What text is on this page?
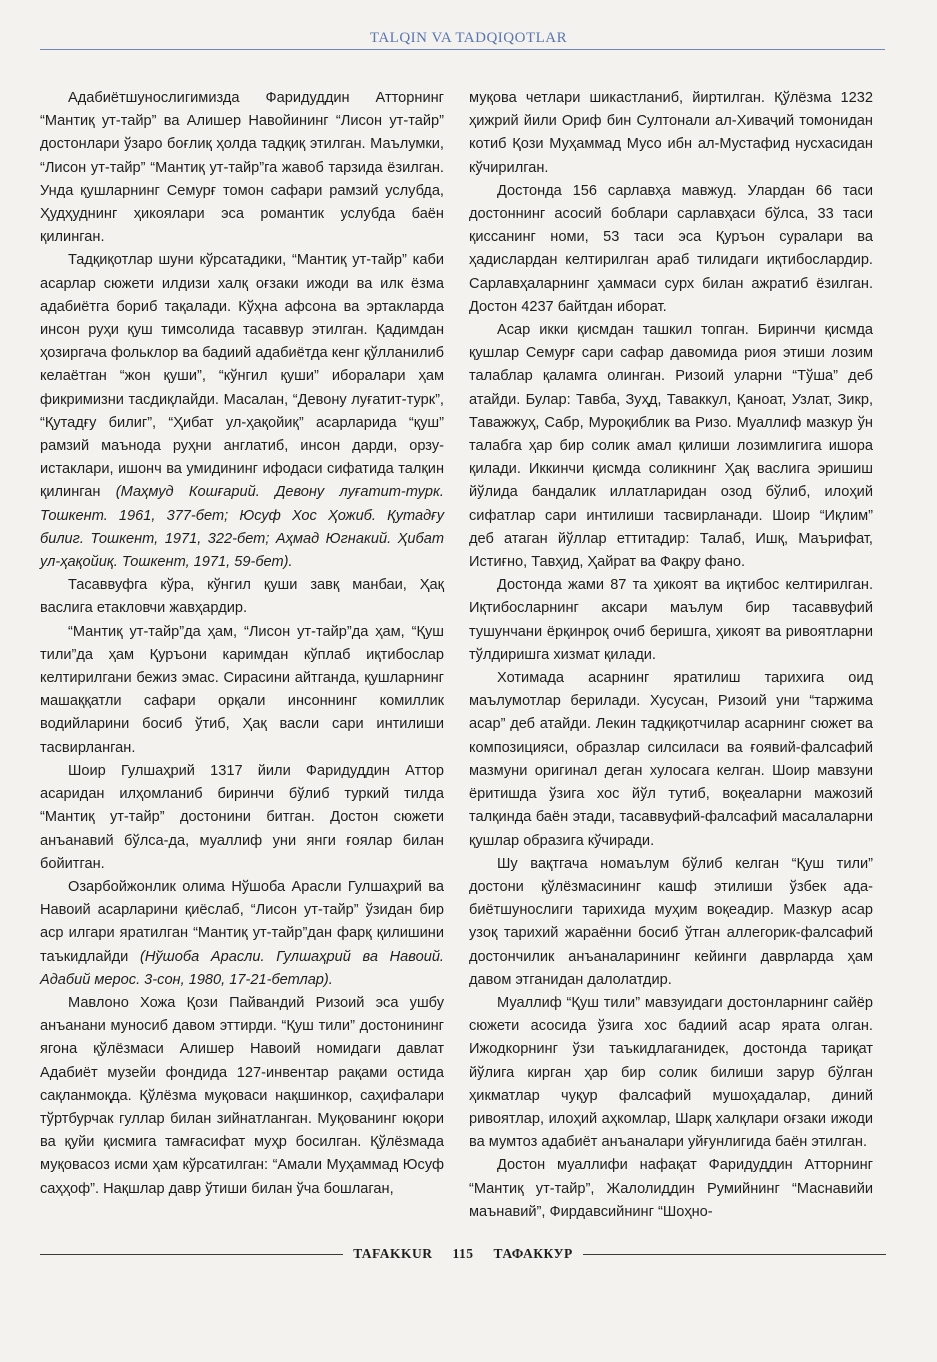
TALQIN VA TADQIQOTLAR

Адабиётшунослигимизда Фаридуддин Атторнинг “Мантиқ ут-тайр” ва Алишер Навойининг “Лисон ут-тайр” достонлари ўзаро боғлиқ ҳолда тадқиқ этилган. Маълумки, “Лисон ут-тайр” “Мантиқ ут-тайр”га жавоб тарзида ёзилган. Унда қушларнинг Семурғ томон сафари рамзий услубда, Ҳудҳуднинг ҳикоялари эса романтик услубда баён қилинган.

Тадқиқотлар шуни кўрсатадики, “Мантиқ ут-тайр” каби асарлар сюжети илдизи халқ оғзаки ижоди ва илк ёзма адабиётга бориб тақалади. Кўҳна афсона ва эртакларда инсон руҳи қуш тимсолида тасаввур этилган. Қадимдан ҳозиргача фольклор ва бадиий адабиётда кенг қўлланилиб келаётган “жон қуши”, “кўнгил қуши” иборалари ҳам фикримизни тасдиқлайди. Масалан, “Девону луғатит-турк”, “Қутадғу билиг”, “Ҳибат ул-ҳақойиқ” асарларида “қуш” рамзий маънода руҳни англатиб, инсон дарди, орзу-истаклари, ишонч ва умидининг ифодаси сифатида талқин қилинган (Маҳмуд Кошғарий. Девону луғатит-турк. Тошкент. 1961, 377-бет; Юсуф Хос Ҳожиб. Қутадғу билиг. Тошкент, 1971, 322-бет; Аҳмад Югнакий. Ҳибат ул-ҳақойиқ. Тошкент, 1971, 59-бет).

Тасаввуфга кўра, кўнгил қуши завқ манбаи, Ҳақ васлига етакловчи жавҳардир.

“Мантиқ ут-тайр”да ҳам, “Лисон ут-тайр”да ҳам, “Қуш тили”да ҳам Қуръони каримдан кўплаб иқтибослар келтирилгани бежиз эмас. Сирасини айтганда, қушларнинг машаққатли сафари орқали инсоннинг комиллик водийларини босиб ўтиб, Ҳақ васли сари интилиши тасвирланган.

Шоир Гулшаҳрий 1317 йили Фаридуддин Аттор асаридан илҳомланиб биринчи бўлиб туркий тилда “Мантиқ ут-тайр” достонини битган. Достон сюжети анъанавий бўлса-да, муаллиф уни янги ғоялар билан бойитган.

Озарбойжонлик олима Нўшоба Арасли Гулшаҳрий ва Навоий асарларини қиёслаб, “Лисон ут-тайр” ўзидан бир аср илгари яратилган “Мантиқ ут-тайр”дан фарқ қилишини таъкидлайди (Нўшоба Арасли. Гулшаҳрий ва Навоий. Адабий мерос. 3-сон, 1980, 17-21-бетлар).

Мавлоно Хожа Қози Пайвандий Ризоий эса ушбу анъанани муносиб давом эттирди. “Қуш тили” достонининг ягона қўлёзмаси Алишер Навоий номидаги давлат Адабиёт музейи фондида 127-инвентар рақами остида сақланмоқда. Қўлёзма муқоваси нақшинкор, саҳифалари тўртбурчак гуллар билан зийнатланган. Муқованинг юқори ва қуйи қисмига тамғасифат муҳр босилган. Қўлёзмада муқовасоз исми ҳам кўрсатилган: “Амали Муҳаммад Юсуф саҳҳоф”. Нақшлар давр ўтиши билан ўча бошлаган,

муқова четлари шикастланиб, йиртилган. Қўлёзма 1232 ҳижрий йили Ориф бин Султонали ал-Хиваҷий томонидан котиб Қози Муҳаммад Мусо ибн ал-Мустафид нусхасидан кўчирилган.

Достонда 156 сарлавҳа мавжуд. Улардан 66 таси достоннинг асосий боблари сарлавҳаси бўлса, 33 таси қиссанинг номи, 53 таси эса Қуръон суралари ва ҳадислардан келтирилган араб тилидаги иқтибослардир. Сарлавҳаларнинг ҳаммаси сурх билан ажратиб ёзилган. Достон 4237 байтдан иборат.

Асар икки қисмдан ташкил топган. Биринчи қисмда қушлар Семурғ сари сафар давомида риоя этиши лозим талаблар қаламга олинган. Ризоий уларни “Тўша” деб атайди. Булар: Тавба, Зуҳд, Таваккул, Қаноат, Узлат, Зикр, Таважжуҳ, Сабр, Муроқиблик ва Ризо. Муаллиф мазкур ўн талабга ҳар бир солик амал қилиши лозимлигига ишора қилади. Иккинчи қисмда соликнинг Ҳақ васлига эришиш йўлида бандалик иллатларидан озод бўлиб, илоҳий сифатлар сари интилиши тасвирланади. Шоир “Иқлим” деб атаган йўллар еттитадир: Талаб, Ишқ, Маърифат, Истиғно, Тавҳид, Ҳайрат ва Фақру фано.

Достонда жами 87 та ҳикоят ва иқтибос келтирилган. Иқтибосларнинг аксари маълум бир тасаввуфий тушунчани ёрқинроқ очиб беришга, ҳикоят ва ривоятларни тўлдиришга хизмат қилади.

Хотимада асарнинг яратилиш тарихига оид маълумотлар берилади. Хусусан, Ризоий уни “таржима асар” деб атайди. Лекин тадқиқотчилар асарнинг сюжет ва композицияси, образлар силсиласи ва ғоявий-фалсафий мазмуни оригинал деган хулосага келган. Шоир мавзуни ёритишда ўзига хос йўл тутиб, воқеаларни мажозий талқинда баён этади, тасаввуфий-фалсафий масалаларни қушлар образига кўчиради.

Шу вақтгача номаълум бўлиб келган “Қуш тили” достони қўлёзмасининг кашф этилиши ўзбек адабиётшунослиги тарихида муҳим воқеадир. Мазкур асар узоқ тарихий жараённи босиб ўтган аллегорик-фалсафий достончилик анъаналарининг кейинги даврларда ҳам давом этганидан далолатдир.

Муаллиф “Қуш тили” мавзуидаги достонларнинг сайёр сюжети асосида ўзига хос бадиий асар ярата олган. Ижодкорнинг ўзи таъкидлаганидек, достонда тариқат йўлига кирган ҳар бир солик билиши зарур бўлган ҳикматлар чуқур фалсафий мушоҳадалар, диний ривоятлар, илоҳий аҳкомлар, Шарқ халқлари оғзаки ижоди ва мумтоз адабиёт анъаналари уйғунлигида баён этилган.

Достон муаллифи нафақат Фаридуддин Атторнинг “Мантиқ ут-тайр”, Жалолиддин Румийнинг “Маснавийи маънавий”, Фирдавсийнинг “Шоҳно-

TAFAKKUR	115	ТАФАККУР
